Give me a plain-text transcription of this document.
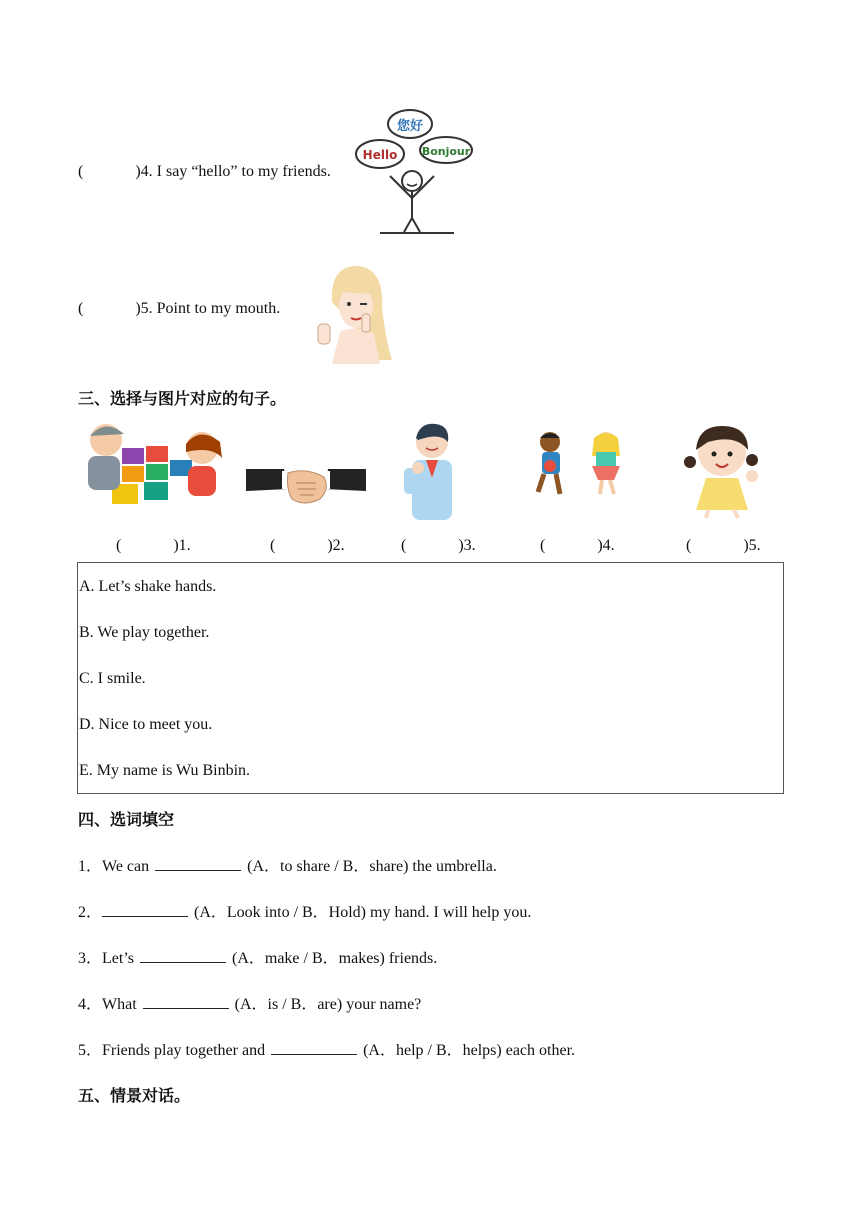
(	)4. I say “hello” to my friends.
您好
Hello Bonjour
(	)5. Point to my mouth.
三、选择与图片对应的句子。
(	)1.	(	)2.	(	)3.	(	)4.	(	)5.
A. Let’s shake hands.
B. We play together.
C. I smile.
D. Nice to meet you.
E. My name is Wu Binbin.
四、选词填空
1．We can	(A．to share / B．share) the umbrella.
2．	(A．Look into / B．Hold) my hand. I will help you.
3．Let’s	(A．make / B．makes) friends.
4．What	(A．is / B．are) your name?
5．Friends play together and	(A．help / B．helps) each other.
五、情景对话。
